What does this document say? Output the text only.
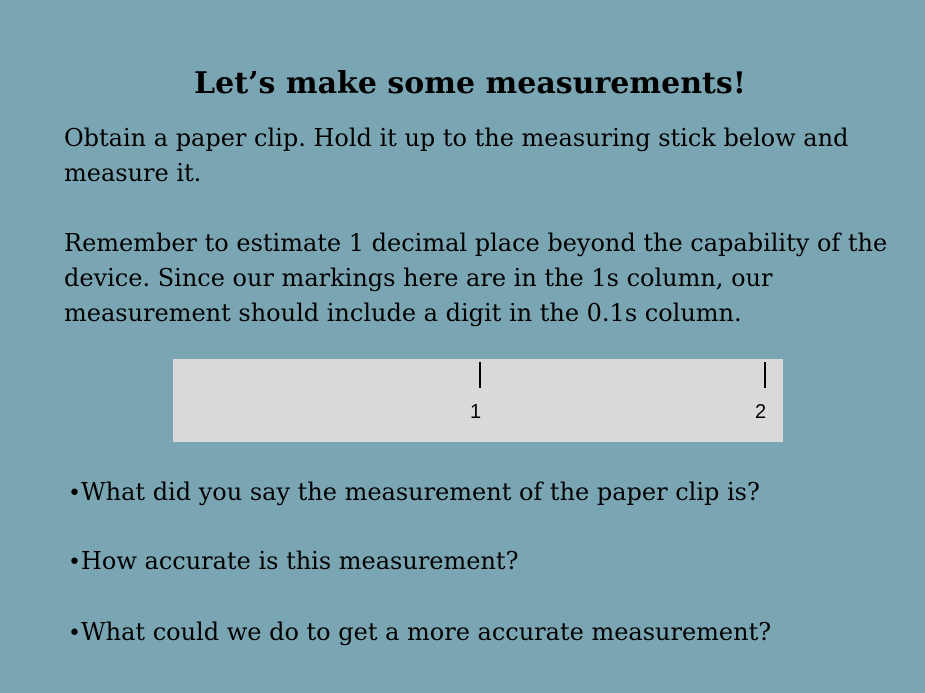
Let’s make some measurements!
Obtain a paper clip. Hold it up to the measuring stick below and
measure it.
Remember to estimate 1 decimal place beyond the capability of the
device. Since our markings here are in the 1s column, our
measurement should include a digit in the 0.1s column.
1	2
•What did you say the measurement of the paper clip is?
•How accurate is this measurement?
•What could we do to get a more accurate measurement?
